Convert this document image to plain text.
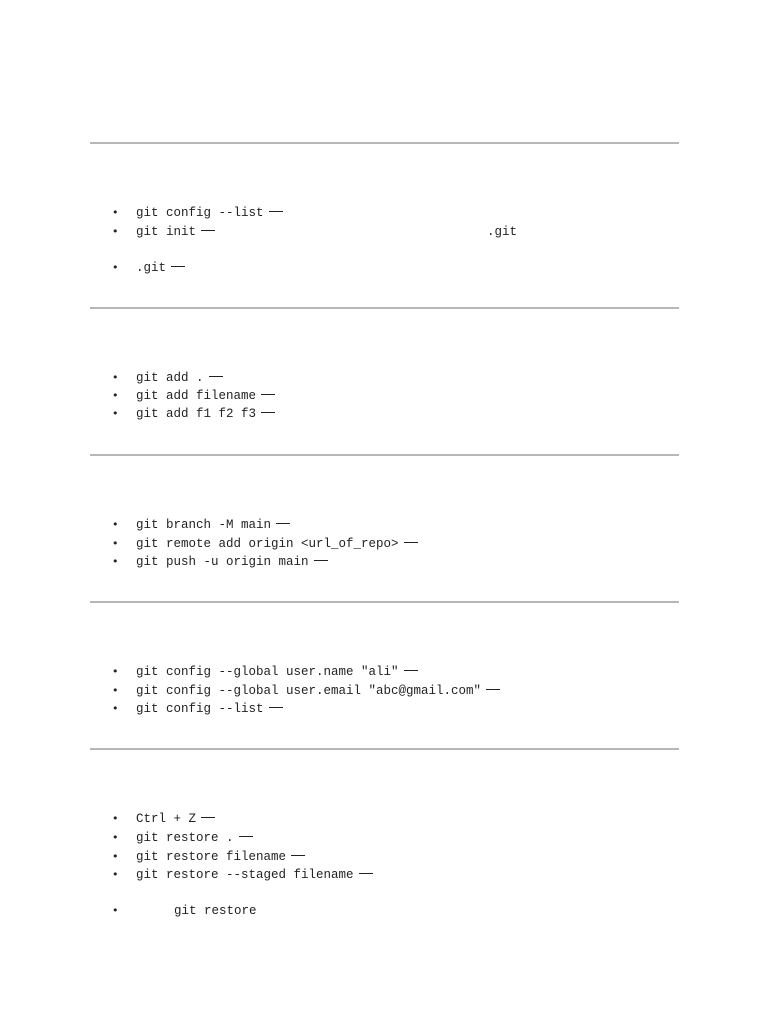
•

git config --list

•

git init

	.git

•

.git

•

git add .

•

git add filename

•

git add f1 f2 f3

•

git branch -M main

•

git remote add origin <url_of_repo>

•

git push -u origin main

•

git config --global user.name "ali"

•

git config --global user.email "abc@gmail.com"

•

git config --list

•

Ctrl + Z

•

git restore .

•

git restore filename

•

git restore --staged filename

•

	git restore
